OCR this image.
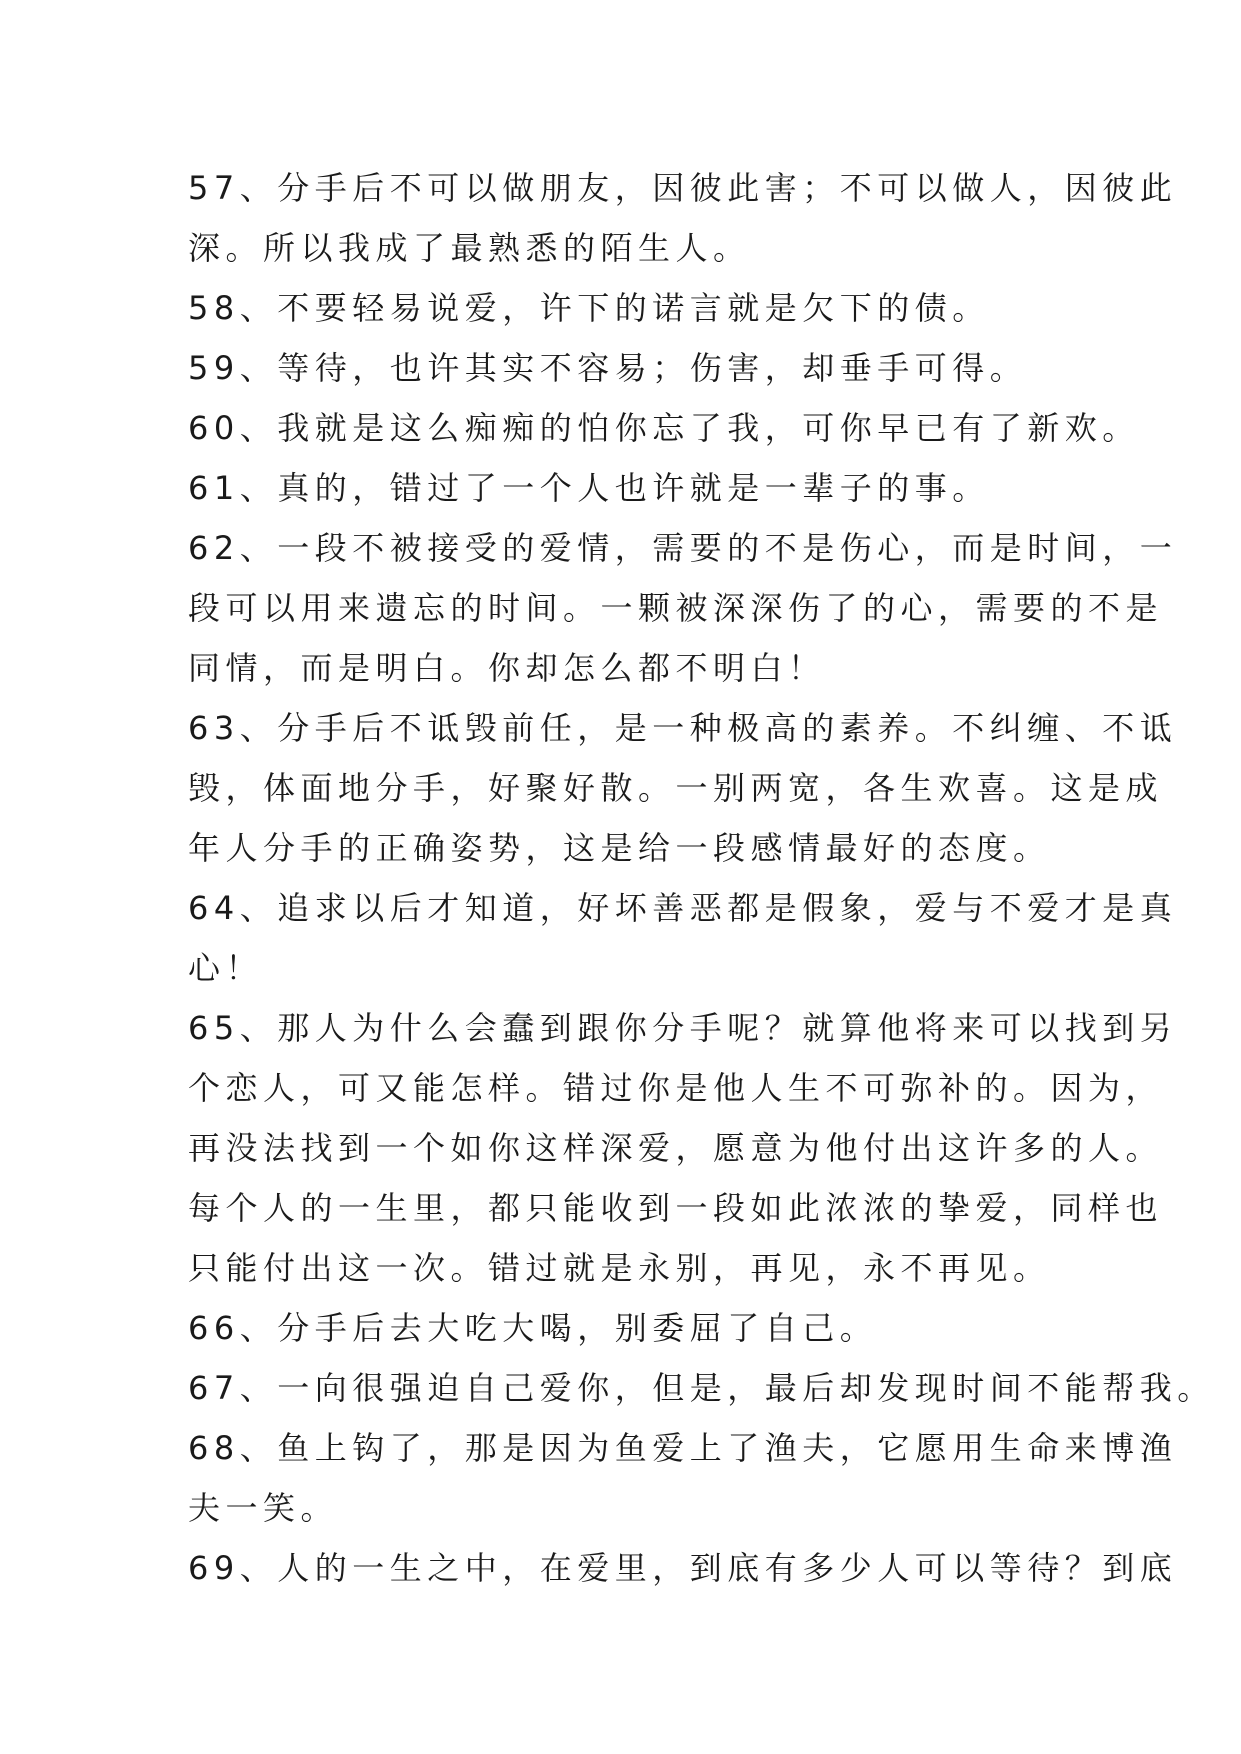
57、分手后不可以做朋友，因彼此害；不可以做人，因彼此
深。所以我成了最熟悉的陌生人。
58、不要轻易说爱，许下的诺言就是欠下的债。
59、等待，也许其实不容易；伤害，却垂手可得。
60、我就是这么痴痴的怕你忘了我，可你早已有了新欢。
61、真的，错过了一个人也许就是一辈子的事。
62、一段不被接受的爱情，需要的不是伤心，而是时间，一
段可以用来遗忘的时间。一颗被深深伤了的心，需要的不是
同情，而是明白。你却怎么都不明白！
63、分手后不诋毁前任，是一种极高的素养。不纠缠、不诋
毁，体面地分手，好聚好散。一别两宽，各生欢喜。这是成
年人分手的正确姿势，这是给一段感情最好的态度。
64、追求以后才知道，好坏善恶都是假象，爱与不爱才是真
心！
65、那人为什么会蠢到跟你分手呢？就算他将来可以找到另
个恋人，可又能怎样。错过你是他人生不可弥补的。因为，
再没法找到一个如你这样深爱，愿意为他付出这许多的人。
每个人的一生里，都只能收到一段如此浓浓的挚爱，同样也
只能付出这一次。错过就是永别，再见，永不再见。
66、分手后去大吃大喝，别委屈了自己。
67、一向很强迫自己爱你，但是，最后却发现时间不能帮我。
68、鱼上钩了，那是因为鱼爱上了渔夫，它愿用生命来博渔
夫一笑。
69、人的一生之中，在爱里，到底有多少人可以等待？到底
